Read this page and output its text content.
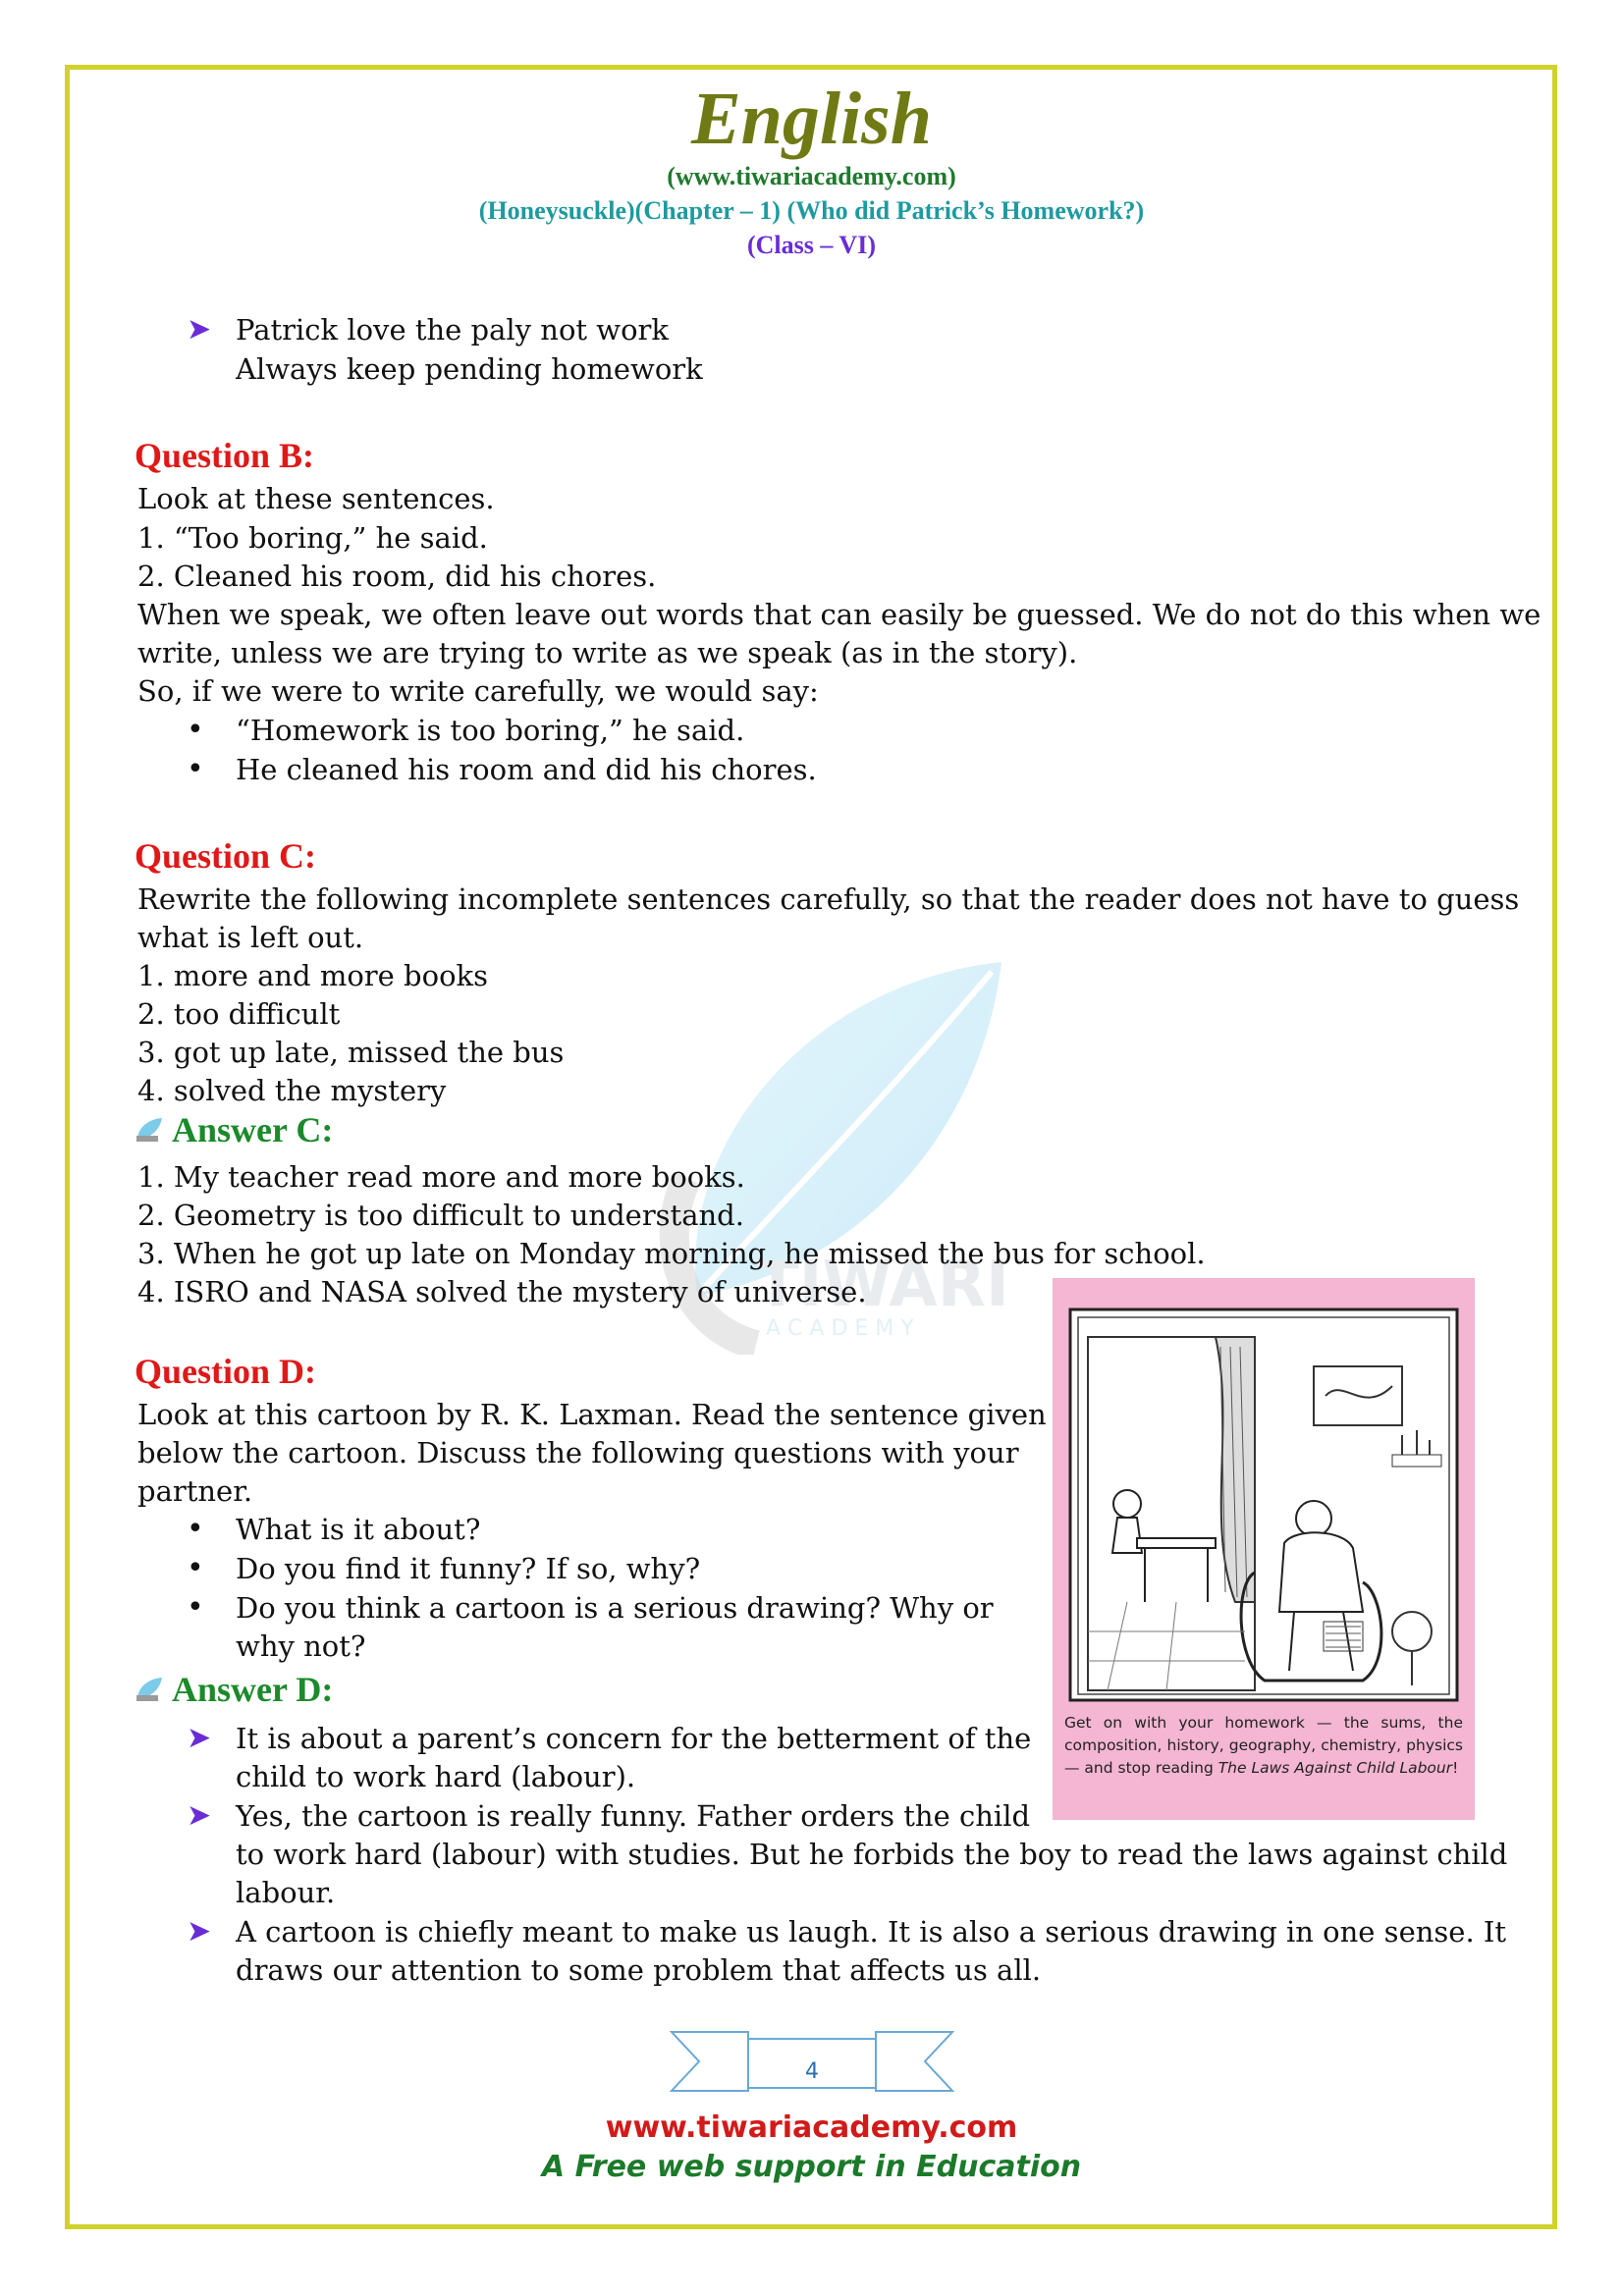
English
(www.tiwariacademy.com)
(Honeysuckle)(Chapter – 1) (Who did Patrick’s Homework?)
(Class – VI)
TIWARI
A C A D E M Y
➤ Patrick love the paly not work
Always keep pending homework
Question B:
Look at these sentences.
1. “Too boring,” he said.
2. Cleaned his room, did his chores.
When we speak, we often leave out words that can easily be guessed. We do not do this when we
write, unless we are trying to write as we speak (as in the story).
So, if we were to write carefully, we would say:
• “Homework is too boring,” he said.
• He cleaned his room and did his chores.
Question C:
Rewrite the following incomplete sentences carefully, so that the reader does not have to guess
what is left out.
1. more and more books
2. too difficult
3. got up late, missed the bus
4. solved the mystery
Answer C:
1. My teacher read more and more books.
2. Geometry is too difficult to understand.
3. When he got up late on Monday morning, he missed the bus for school.
4. ISRO and NASA solved the mystery of universe.
Question D:
Look at this cartoon by R. K. Laxman. Read the sentence given
below the cartoon. Discuss the following questions with your
partner.
• What is it about?
• Do you find it funny? If so, why?
• Do you think a cartoon is a serious drawing? Why or
why not?
Answer D:
➤ It is about a parent’s concern for the betterment of the
child to work hard (labour).
➤ Yes, the cartoon is really funny. Father orders the child
to work hard (labour) with studies. But he forbids the boy to read the laws against child
labour.
➤ A cartoon is chiefly meant to make us laugh. It is also a serious drawing in one sense. It
draws our attention to some problem that affects us all.
Get on with your homework — the sums, the composition, history, geography, chemistry, physics — and stop reading The Laws Against Child Labour!
4
www.tiwariacademy.com
A Free web support in Education
